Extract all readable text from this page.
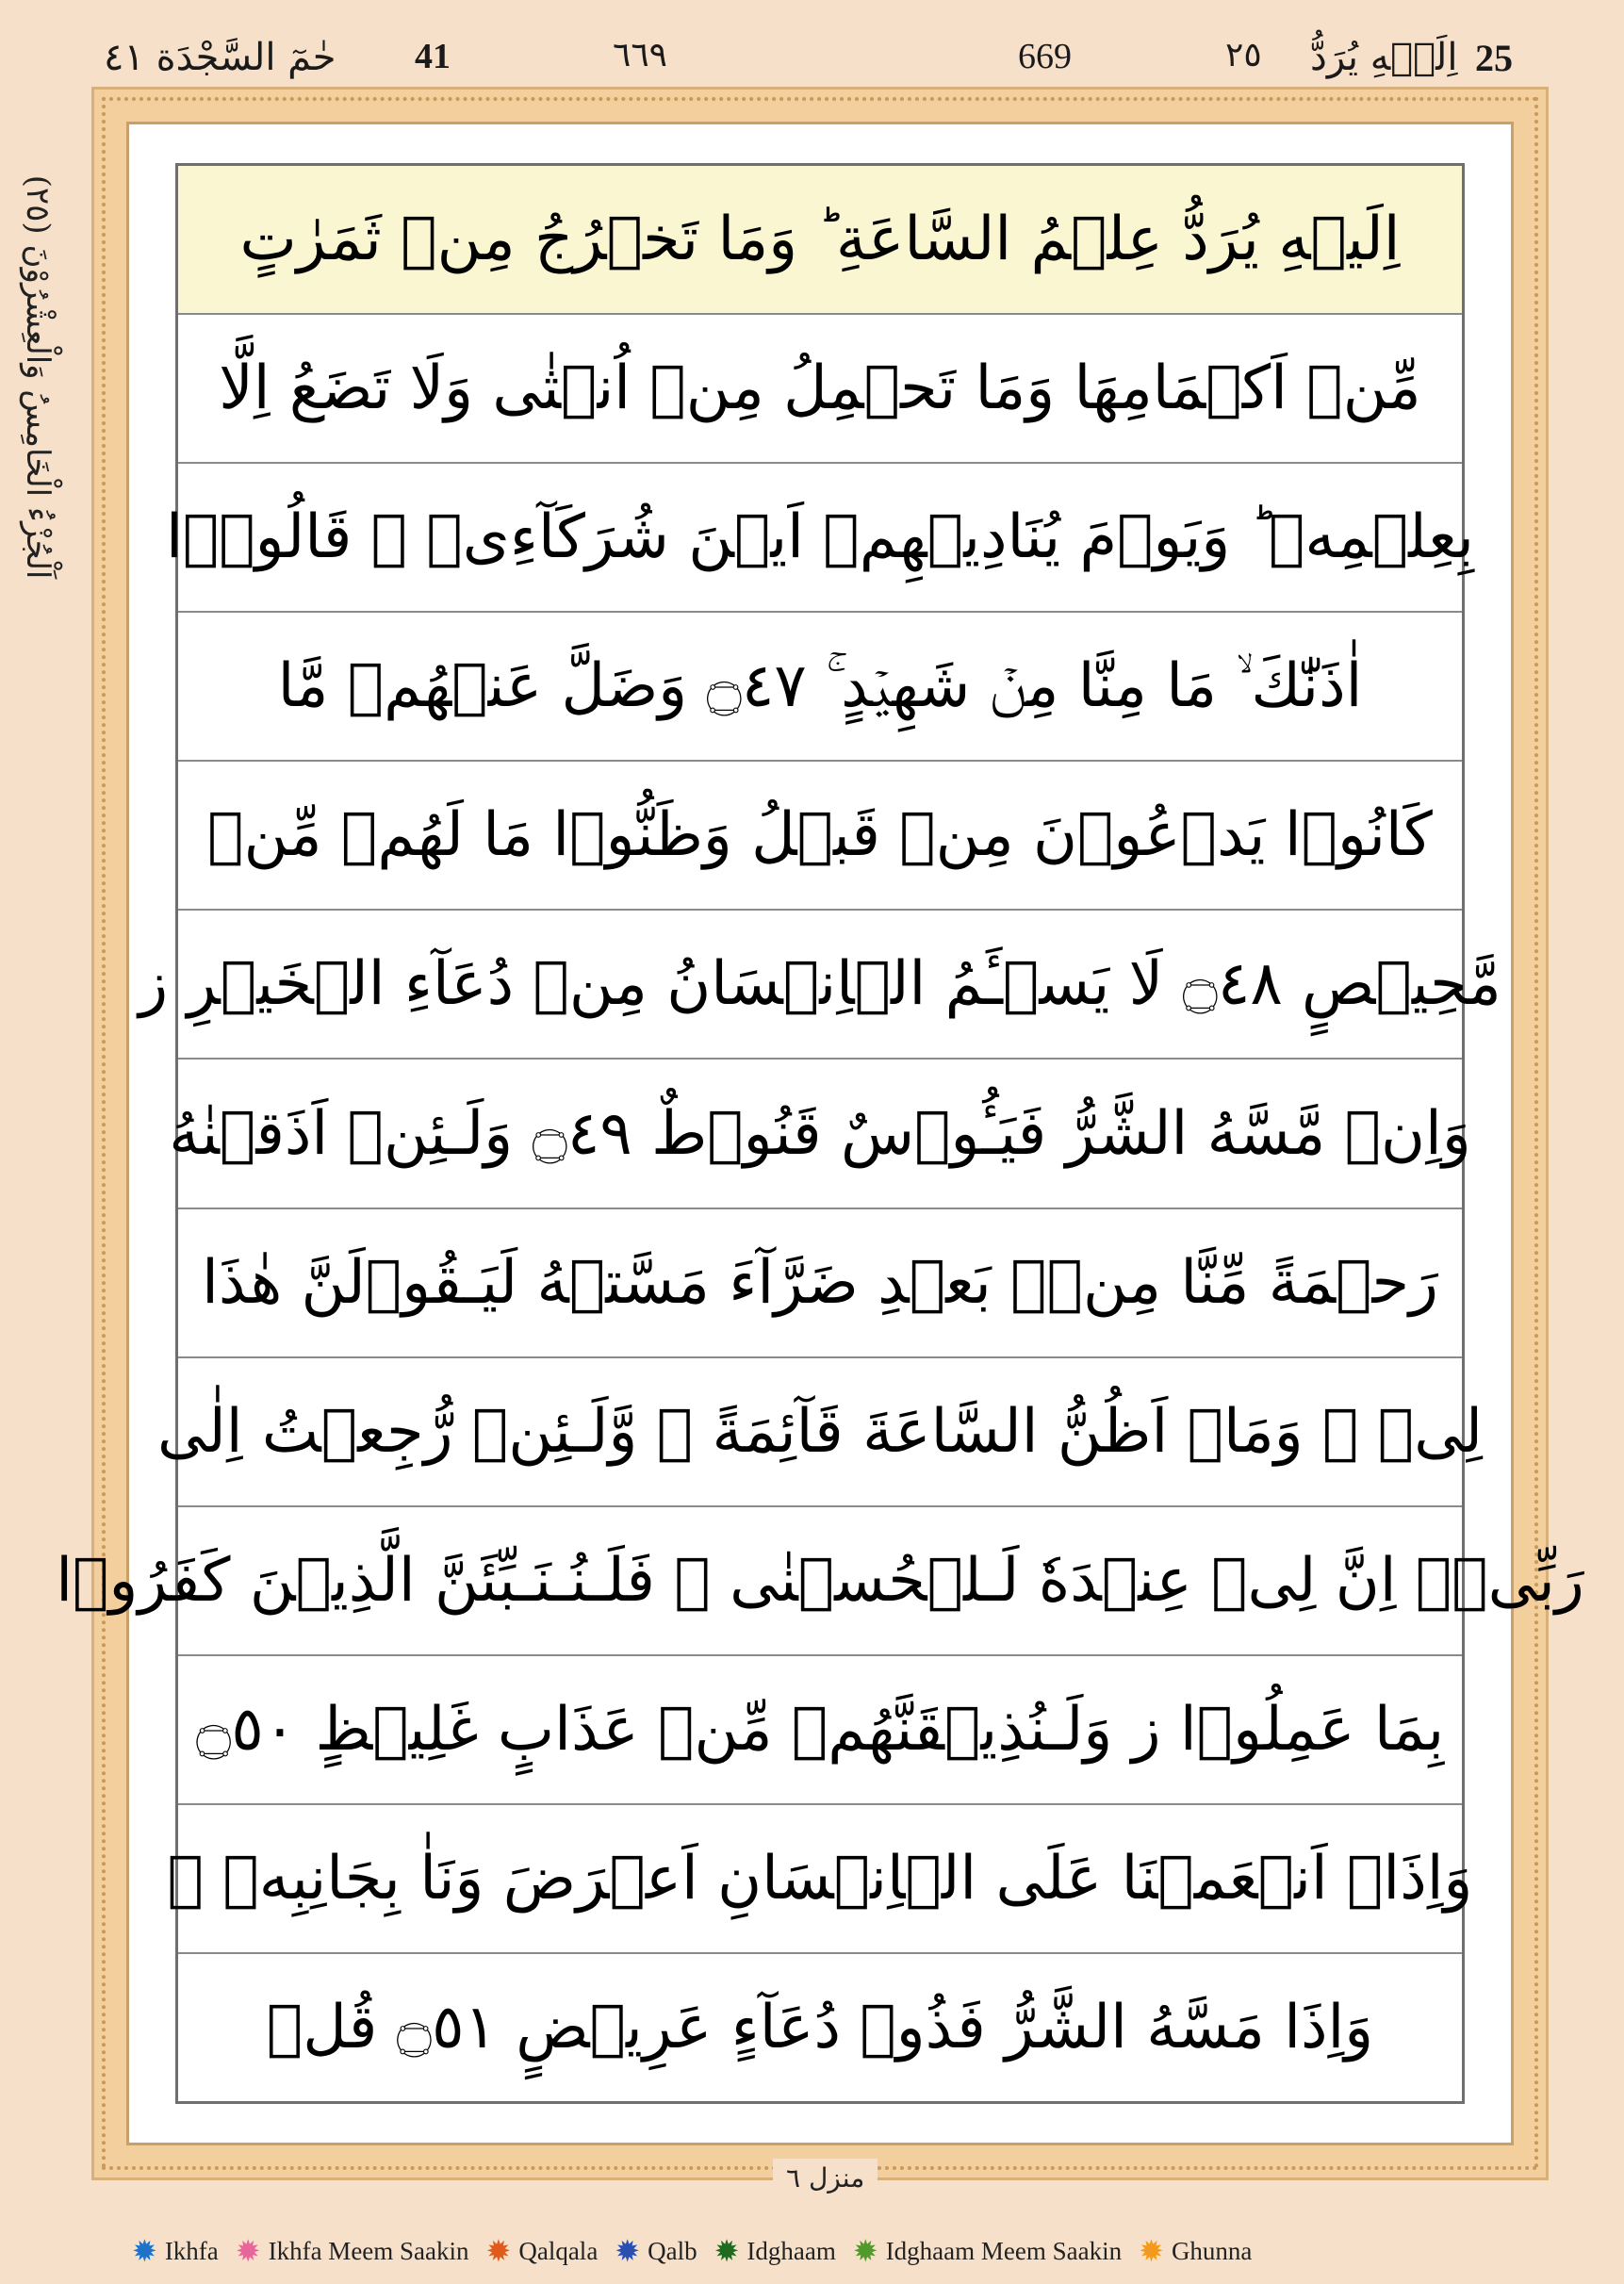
حٰمٓ السَّجْدَة ٤١ 41	٦٦٩	669	٢٥ اِلَيۡهِ يُرَدُّ 25
اَلْجُزْءُ الْخَامِسُ وَالْعِشْرُوْنَ (٢٥)	اِلَيۡهِ يُرَدُّ عِلۡمُ السَّاعَةِ ؕ وَمَا تَخۡرُجُ مِنۡ ثَمَرٰتٍ
مِّنۡ اَكۡمَامِهَا وَمَا تَحۡمِلُ مِنۡ اُنۡثٰى وَلَا تَضَعُ اِلَّا
بِعِلۡمِهٖ ؕ وَيَوۡمَ يُنَادِيۡهِمۡ اَيۡنَ شُرَكَآءِىۡ ۙ قَالُوۡۤا
اٰذَنّٰكَ ۙ مَا مِنَّا مِنۡ شَهِيۡدٍ ۚ ۝٤٧ وَضَلَّ عَنۡهُمۡ مَّا
كَانُوۡا يَدۡعُوۡنَ مِنۡ قَبۡلُ وَظَنُّوۡا مَا لَهُمۡ مِّنۡ
مَّحِيۡصٍ ۝٤٨ لَا يَسۡـَٔمُ الۡاِنۡسَانُ مِنۡ دُعَآءِ الۡخَيۡرِ ز
وَاِنۡ مَّسَّهُ الشَّرُّ فَيَـُٔوۡسٌ قَنُوۡطٌ ۝٤٩ وَلَـئِنۡ اَذَقۡنٰهُ
رَحۡمَةً مِّنَّا مِنۡۢ بَعۡدِ ضَرَّآءَ مَسَّتۡهُ لَيَـقُوۡلَنَّ هٰذَا
لِىۡ ۙ وَمَاۤ اَظُنُّ السَّاعَةَ قَآئِمَةً ۙ وَّلَـئِنۡ رُّجِعۡتُ اِلٰى
رَبِّىۡۤ اِنَّ لِىۡ عِنۡدَهٗ لَـلۡحُسۡنٰى ۚ فَلَـنُـنَـبِّئَنَّ الَّذِيۡنَ كَفَرُوۡا
بِمَا عَمِلُوۡا ز وَلَـنُذِيۡقَنَّهُمۡ مِّنۡ عَذَابٍ غَلِيۡظٍ ۝٥٠
وَاِذَاۤ اَنۡعَمۡنَا عَلَى الۡاِنۡسَانِ اَعۡرَضَ وَنَاٰ بِجَانِبِهٖ ۚ
وَاِذَا مَسَّهُ الشَّرُّ فَذُوۡ دُعَآءٍ عَرِيۡضٍ ۝٥١ قُلۡ
منزل ٦
✹ Ikhfa ✹ Ikhfa Meem Saakin ✹ Qalqala ✹ Qalb ✹ Idghaam ✹ Idghaam Meem Saakin ✹ Ghunna
